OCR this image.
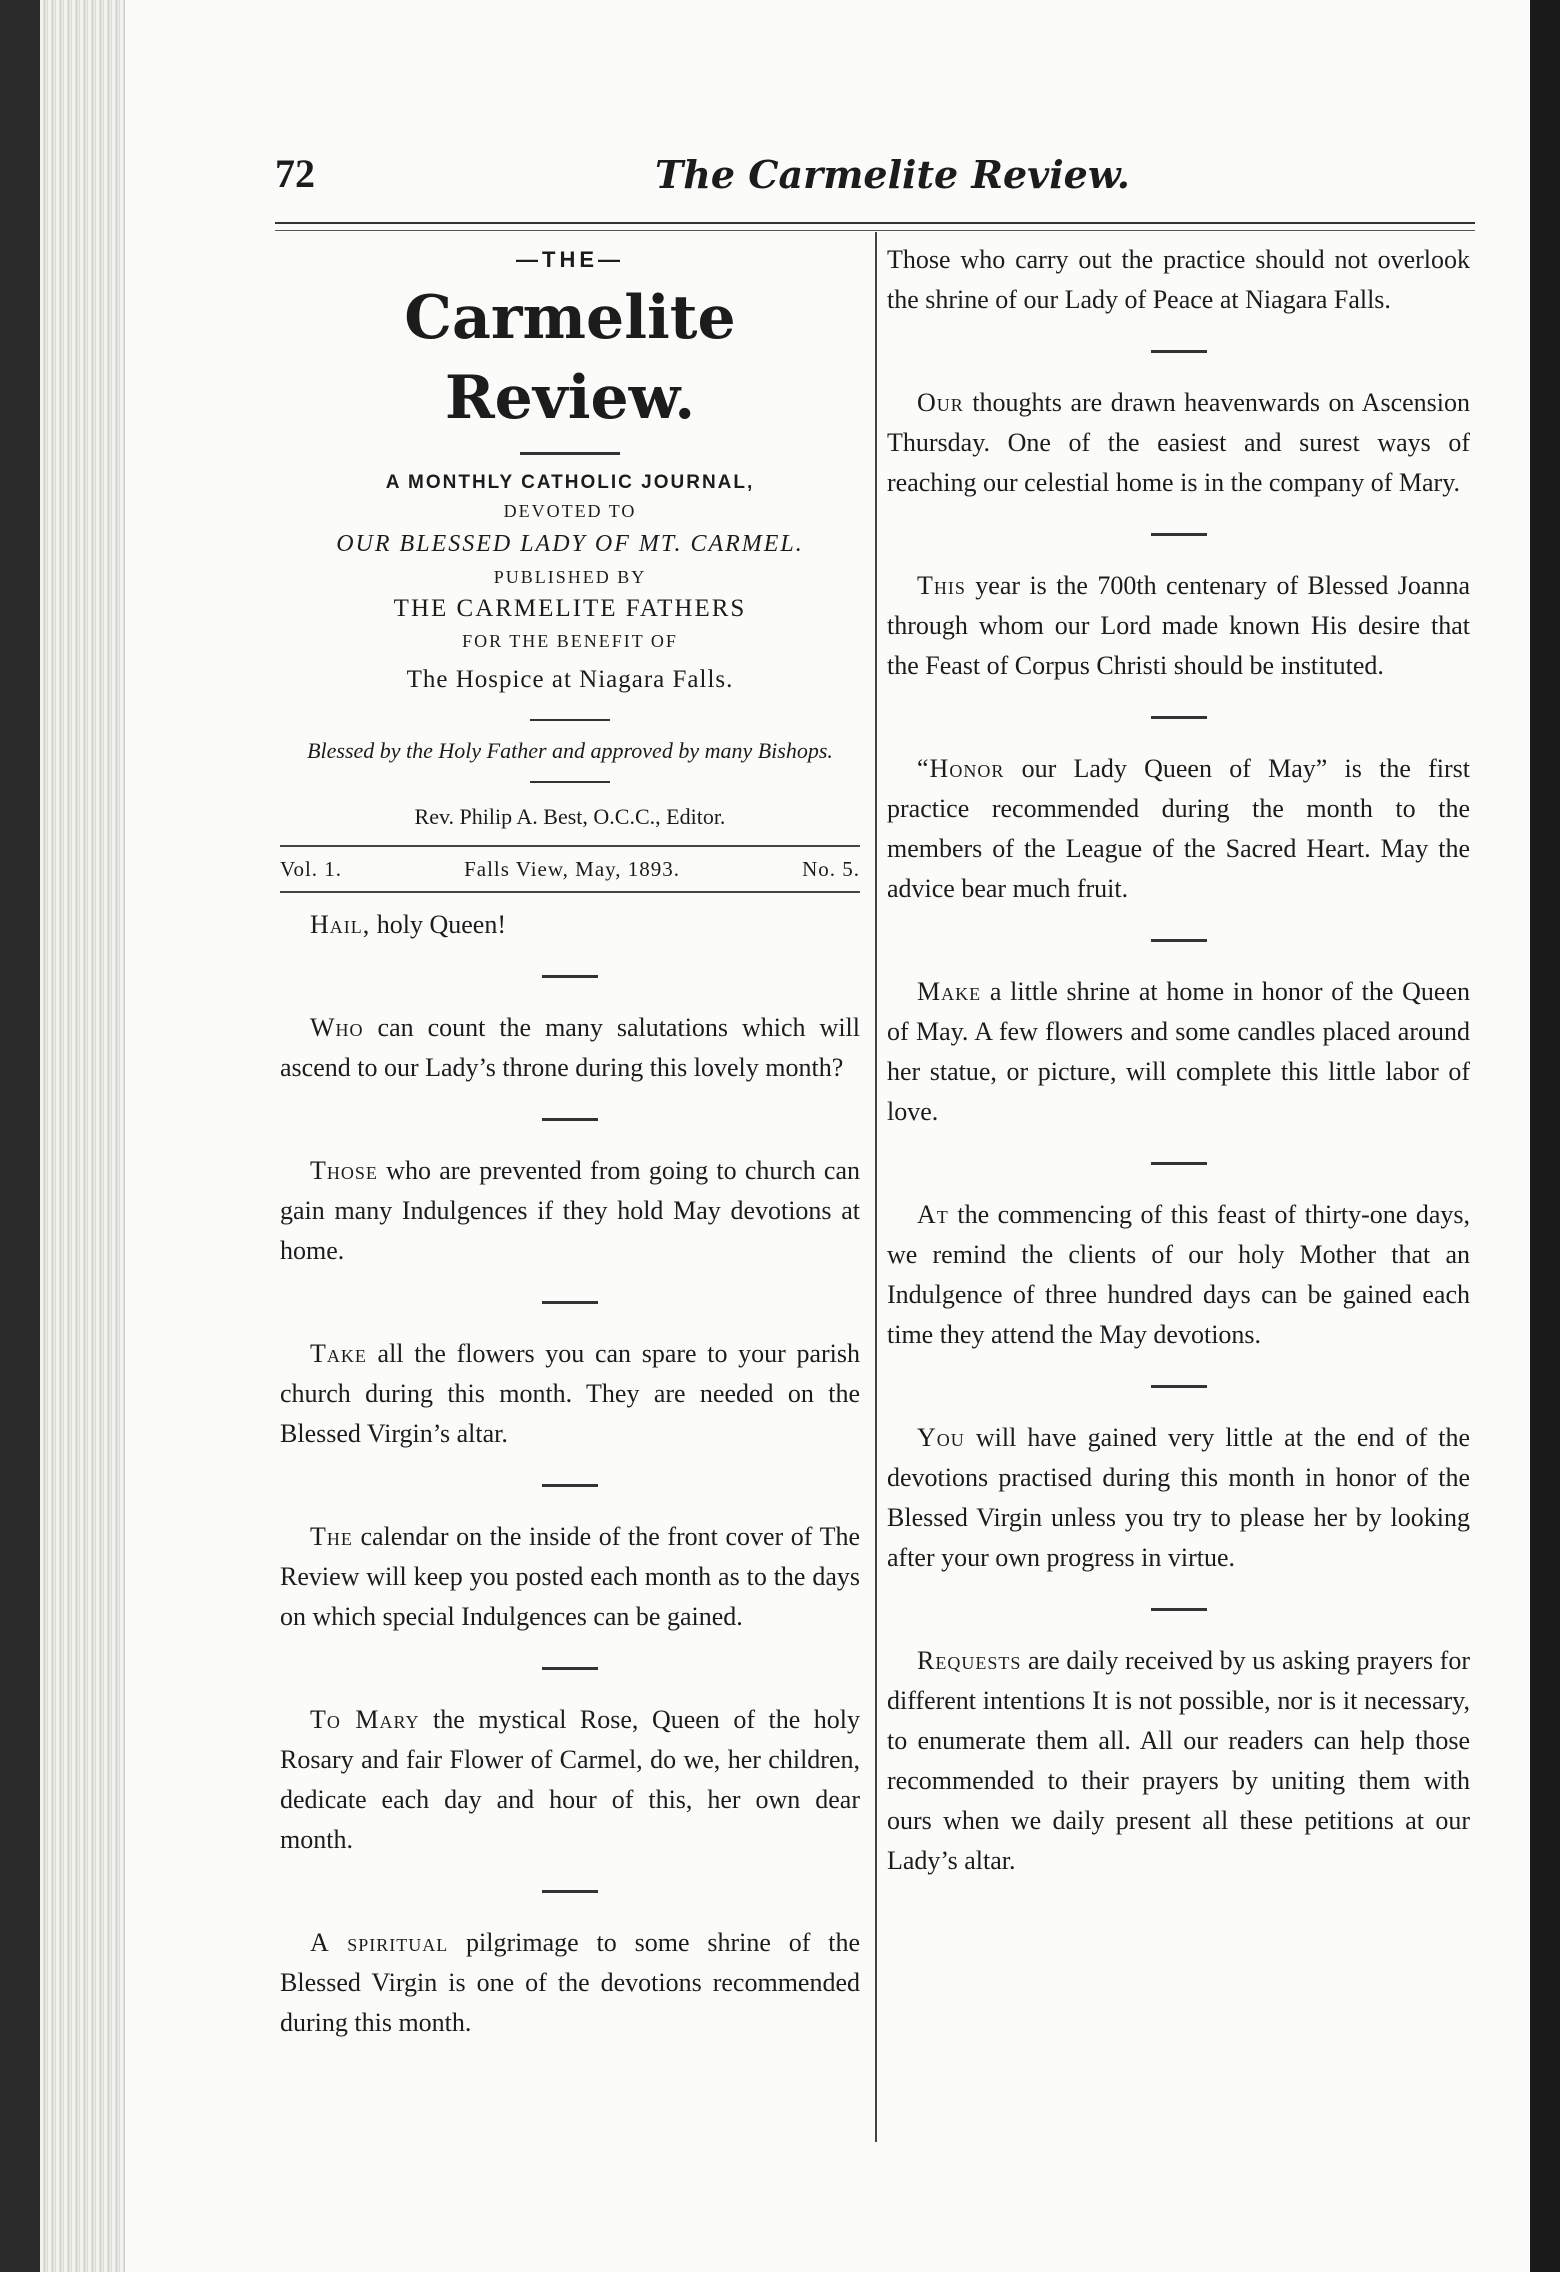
72	The Carmelite Review.
—THE—
Carmelite Review.
A MONTHLY CATHOLIC JOURNAL,
DEVOTED TO
OUR BLESSED LADY OF MT. CARMEL.
PUBLISHED BY
THE CARMELITE FATHERS
FOR THE BENEFIT OF
The Hospice at Niagara Falls.
Blessed by the Holy Father and approved by many Bishops.
Rev. Philip A. Best, O.C.C., Editor.
Vol. 1.	Falls View, May, 1893.	No. 5.

Hail, holy Queen!

Who can count the many salutations which will ascend to our Lady’s throne during this lovely month?

Those who are prevented from going to church can gain many Indulgences if they hold May devotions at home.

Take all the flowers you can spare to your parish church during this month. They are needed on the Blessed Virgin’s altar.

The calendar on the inside of the front cover of The Review will keep you posted each month as to the days on which special Indulgences can be gained.

To Mary the mystical Rose, Queen of the holy Rosary and fair Flower of Carmel, do we, her children, dedicate each day and hour of this, her own dear month.

A spiritual pilgrimage to some shrine of the Blessed Virgin is one of the devotions recommended during this month.

Those who carry out the practice should not overlook the shrine of our Lady of Peace at Niagara Falls.

Our thoughts are drawn heavenwards on Ascension Thursday. One of the easiest and surest ways of reaching our celestial home is in the company of Mary.

This year is the 700th centenary of Blessed Joanna through whom our Lord made known His desire that the Feast of Corpus Christi should be instituted.

“Honor our Lady Queen of May” is the first practice recommended during the month to the members of the League of the Sacred Heart. May the advice bear much fruit.

Make a little shrine at home in honor of the Queen of May. A few flowers and some candles placed around her statue, or picture, will complete this little labor of love.

At the commencing of this feast of thirty-one days, we remind the clients of our holy Mother that an Indulgence of three hundred days can be gained each time they attend the May devotions.

You will have gained very little at the end of the devotions practised during this month in honor of the Blessed Virgin unless you try to please her by looking after your own progress in virtue.

Requests are daily received by us asking prayers for different intentions It is not possible, nor is it necessary, to enumerate them all. All our readers can help those recommended to their prayers by uniting them with ours when we daily present all these petitions at our Lady’s altar.
